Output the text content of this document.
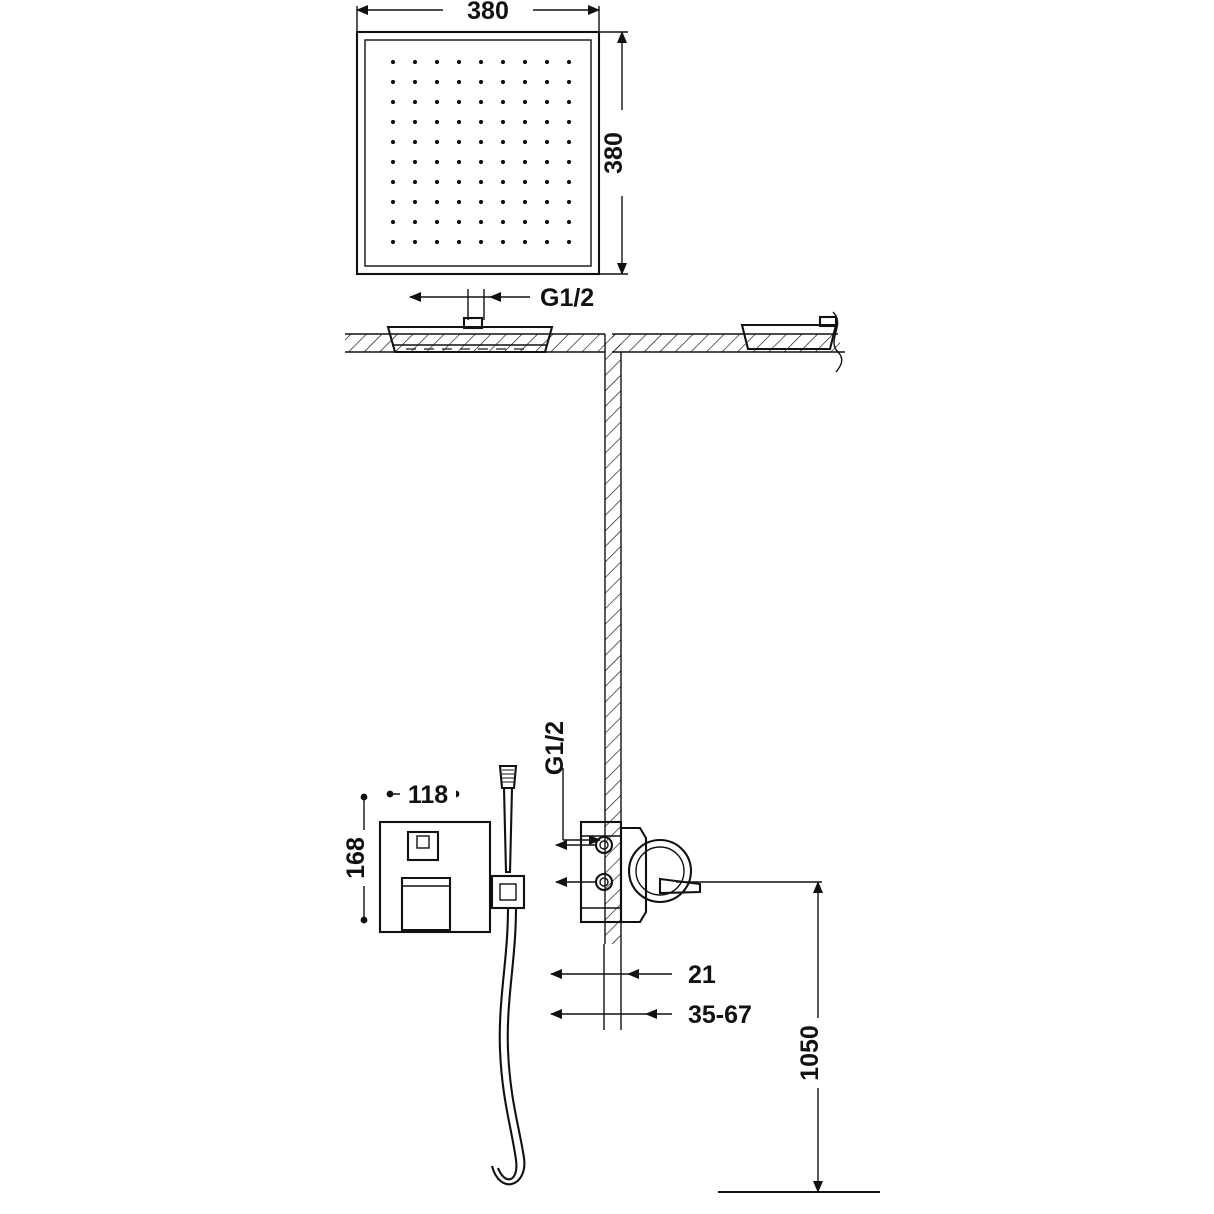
380
380
G1/2
G1/2
118
168
21
35-67
1050
